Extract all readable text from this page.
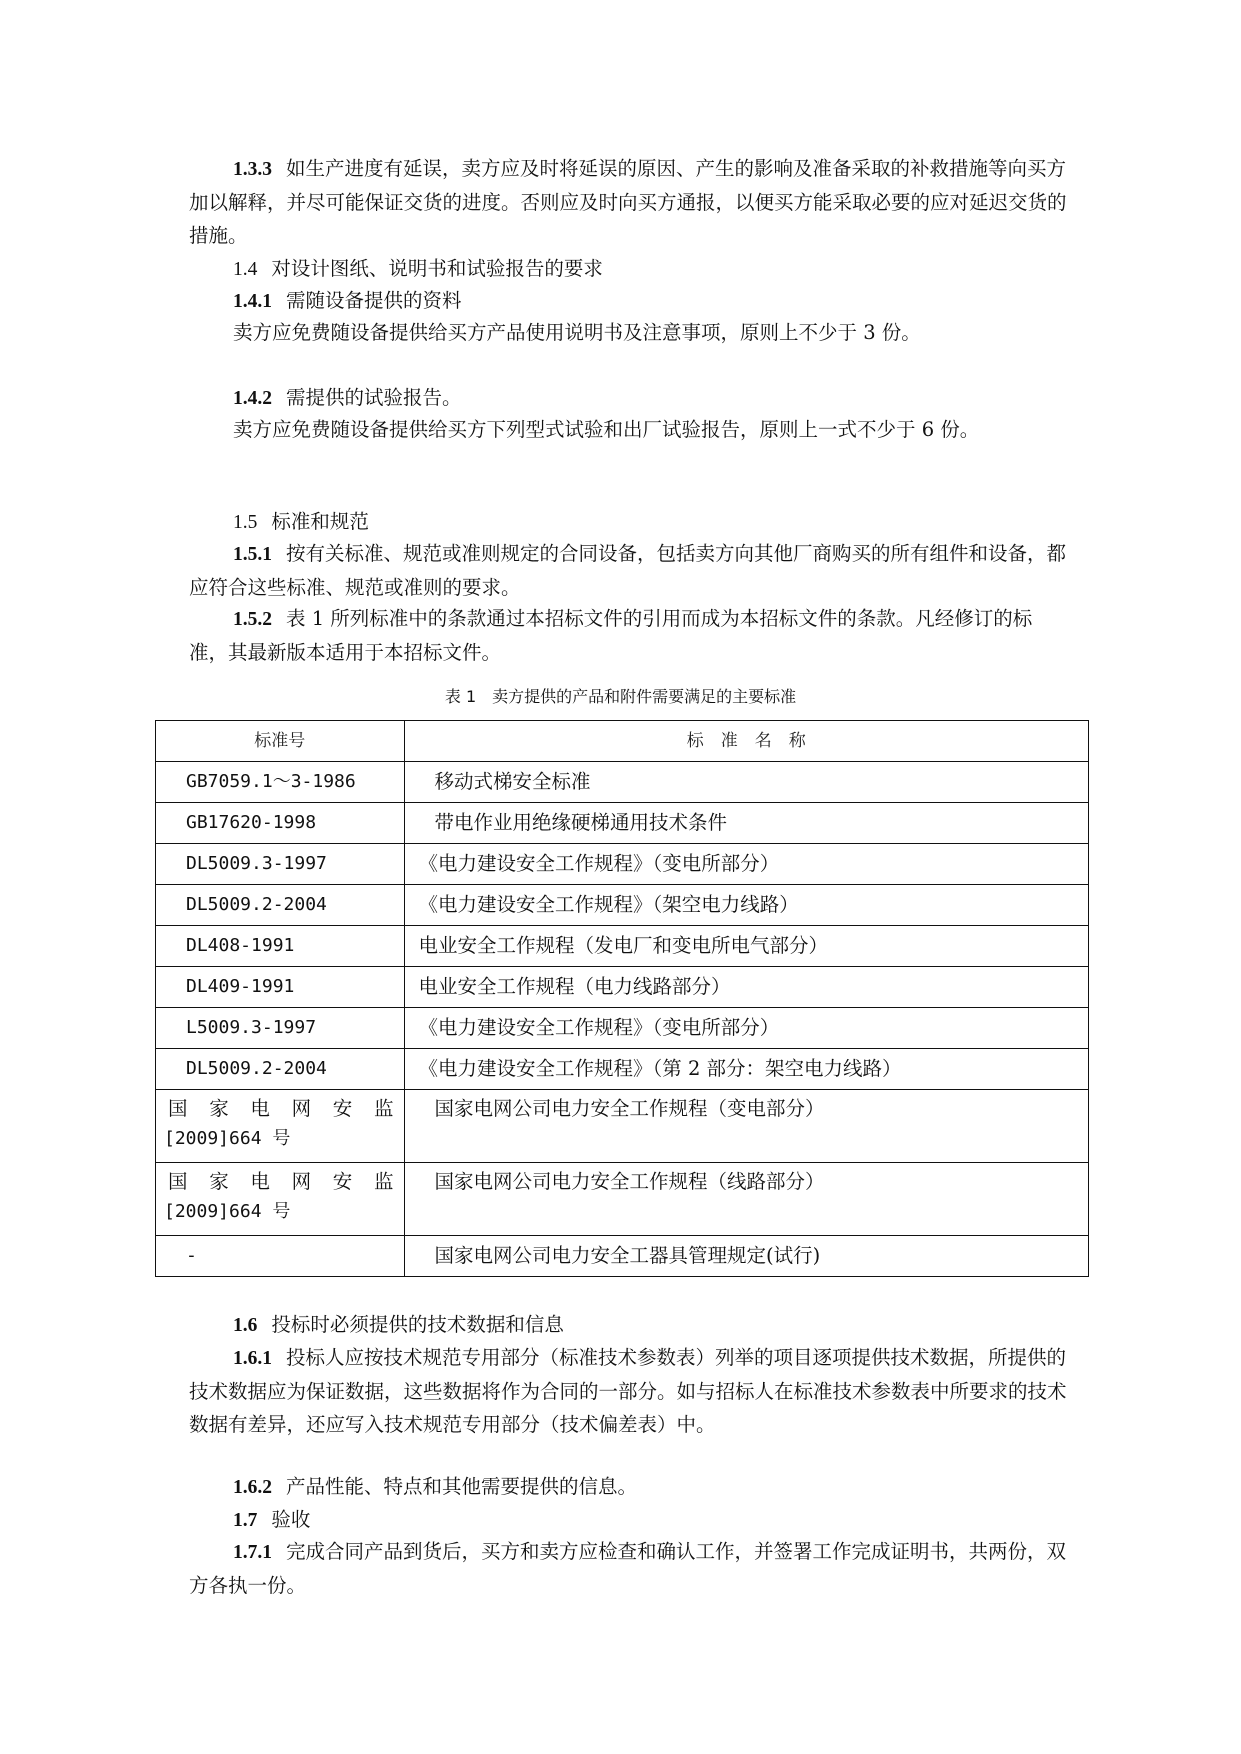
1.3.3 如生产进度有延误，卖方应及时将延误的原因、产生的影响及准备采取的补救措施等向买方加以解释，并尽可能保证交货的进度。否则应及时向买方通报，以便买方能采取必要的应对延迟交货的措施。

1.4 对设计图纸、说明书和试验报告的要求

1.4.1 需随设备提供的资料

卖方应免费随设备提供给买方产品使用说明书及注意事项，原则上不少于 3 份。

1.4.2 需提供的试验报告。

卖方应免费随设备提供给买方下列型式试验和出厂试验报告，原则上一式不少于 6 份。

1.5 标准和规范

1.5.1 按有关标准、规范或准则规定的合同设备，包括卖方向其他厂商购买的所有组件和设备，都应符合这些标准、规范或准则的要求。

1.5.2 表 1 所列标准中的条款通过本招标文件的引用而成为本招标文件的条款。凡经修订的标准，其最新版本适用于本招标文件。

表 1　卖方提供的产品和附件需要满足的主要标准

标准号	标　准　名　称
GB7059.1～3-1986	移动式梯安全标准
GB17620-1998	带电作业用绝缘硬梯通用技术条件
DL5009.3-1997	《电力建设安全工作规程》（变电所部分）
DL5009.2-2004	《电力建设安全工作规程》（架空电力线路）
DL408-1991	电业安全工作规程（发电厂和变电所电气部分）
DL409-1991	电业安全工作规程（电力线路部分）
L5009.3-1997	《电力建设安全工作规程》（变电所部分）
DL5009.2-2004	《电力建设安全工作规程》（第 2 部分：架空电力线路）

国家电网安监
[2009]664 号	国家电网公司电力安全工作规程（变电部分）

国家电网安监
[2009]664 号	国家电网公司电力安全工作规程（线路部分）
-	国家电网公司电力安全工器具管理规定(试行)

1.6 投标时必须提供的技术数据和信息

1.6.1 投标人应按技术规范专用部分（标准技术参数表）列举的项目逐项提供技术数据，所提供的技术数据应为保证数据，这些数据将作为合同的一部分。如与招标人在标准技术参数表中所要求的技术数据有差异，还应写入技术规范专用部分（技术偏差表）中。

1.6.2 产品性能、特点和其他需要提供的信息。

1.7 验收

1.7.1 完成合同产品到货后，买方和卖方应检查和确认工作，并签署工作完成证明书，共两份，双方各执一份。
